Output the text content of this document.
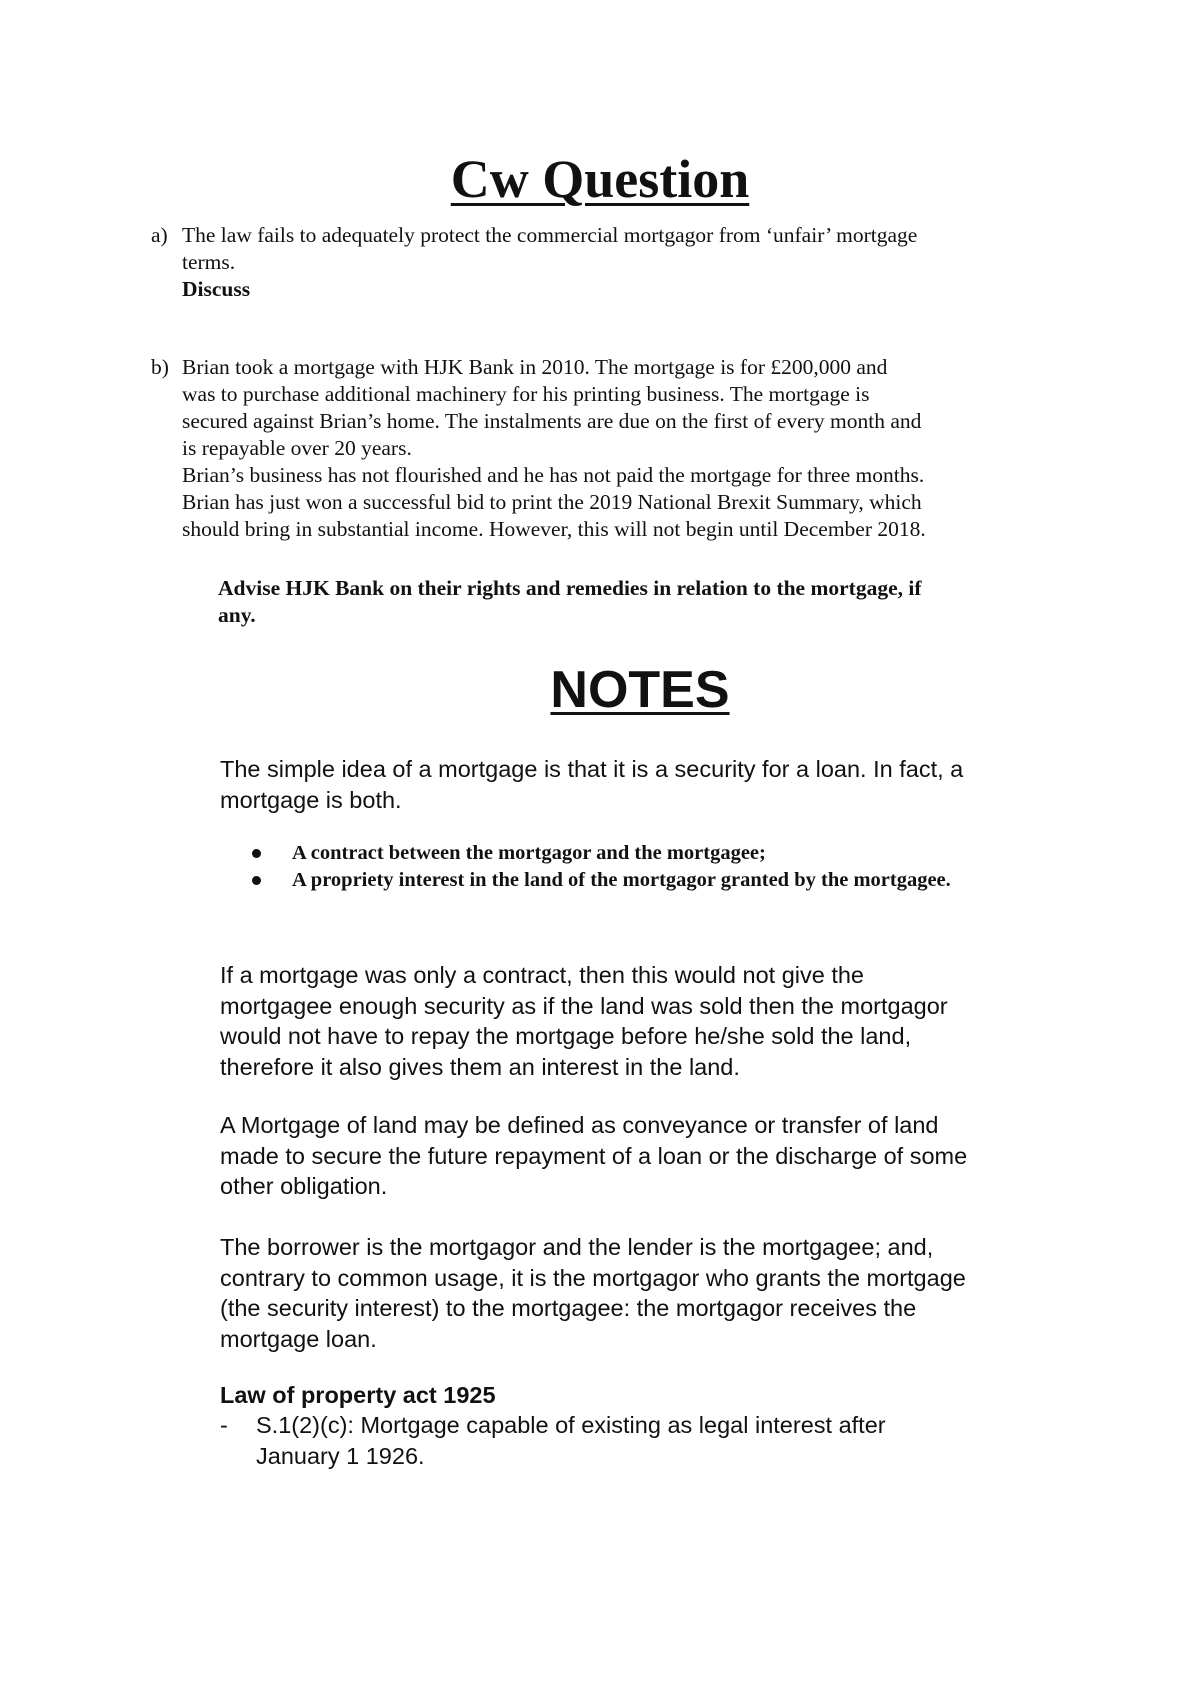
Cw Question
a) The law fails to adequately protect the commercial mortgagor from ‘unfair’ mortgage
terms.
Discuss
b) Brian took a mortgage with HJK Bank in 2010. The mortgage is for £200,000 and
was to purchase additional machinery for his printing business. The mortgage is
secured against Brian’s home. The instalments are due on the first of every month and
is repayable over 20 years.
Brian’s business has not flourished and he has not paid the mortgage for three months.
Brian has just won a successful bid to print the 2019 National Brexit Summary, which
should bring in substantial income. However, this will not begin until December 2018.
Advise HJK Bank on their rights and remedies in relation to the mortgage, if
any.
NOTES
The simple idea of a mortgage is that it is a security for a loan. In fact, a
mortgage is both.
A contract between the mortgagor and the mortgagee;
A propriety interest in the land of the mortgagor granted by the mortgagee.
If a mortgage was only a contract, then this would not give the
mortgagee enough security as if the land was sold then the mortgagor
would not have to repay the mortgage before he/she sold the land,
therefore it also gives them an interest in the land.
A Mortgage of land may be defined as conveyance or transfer of land
made to secure the future repayment of a loan or the discharge of some
other obligation.
The borrower is the mortgagor and the lender is the mortgagee; and,
contrary to common usage, it is the mortgagor who grants the mortgage
(the security interest) to the mortgagee: the mortgagor receives the
mortgage loan.
Law of property act 1925
- S.1(2)(c): Mortgage capable of existing as legal interest after
January 1 1926.
